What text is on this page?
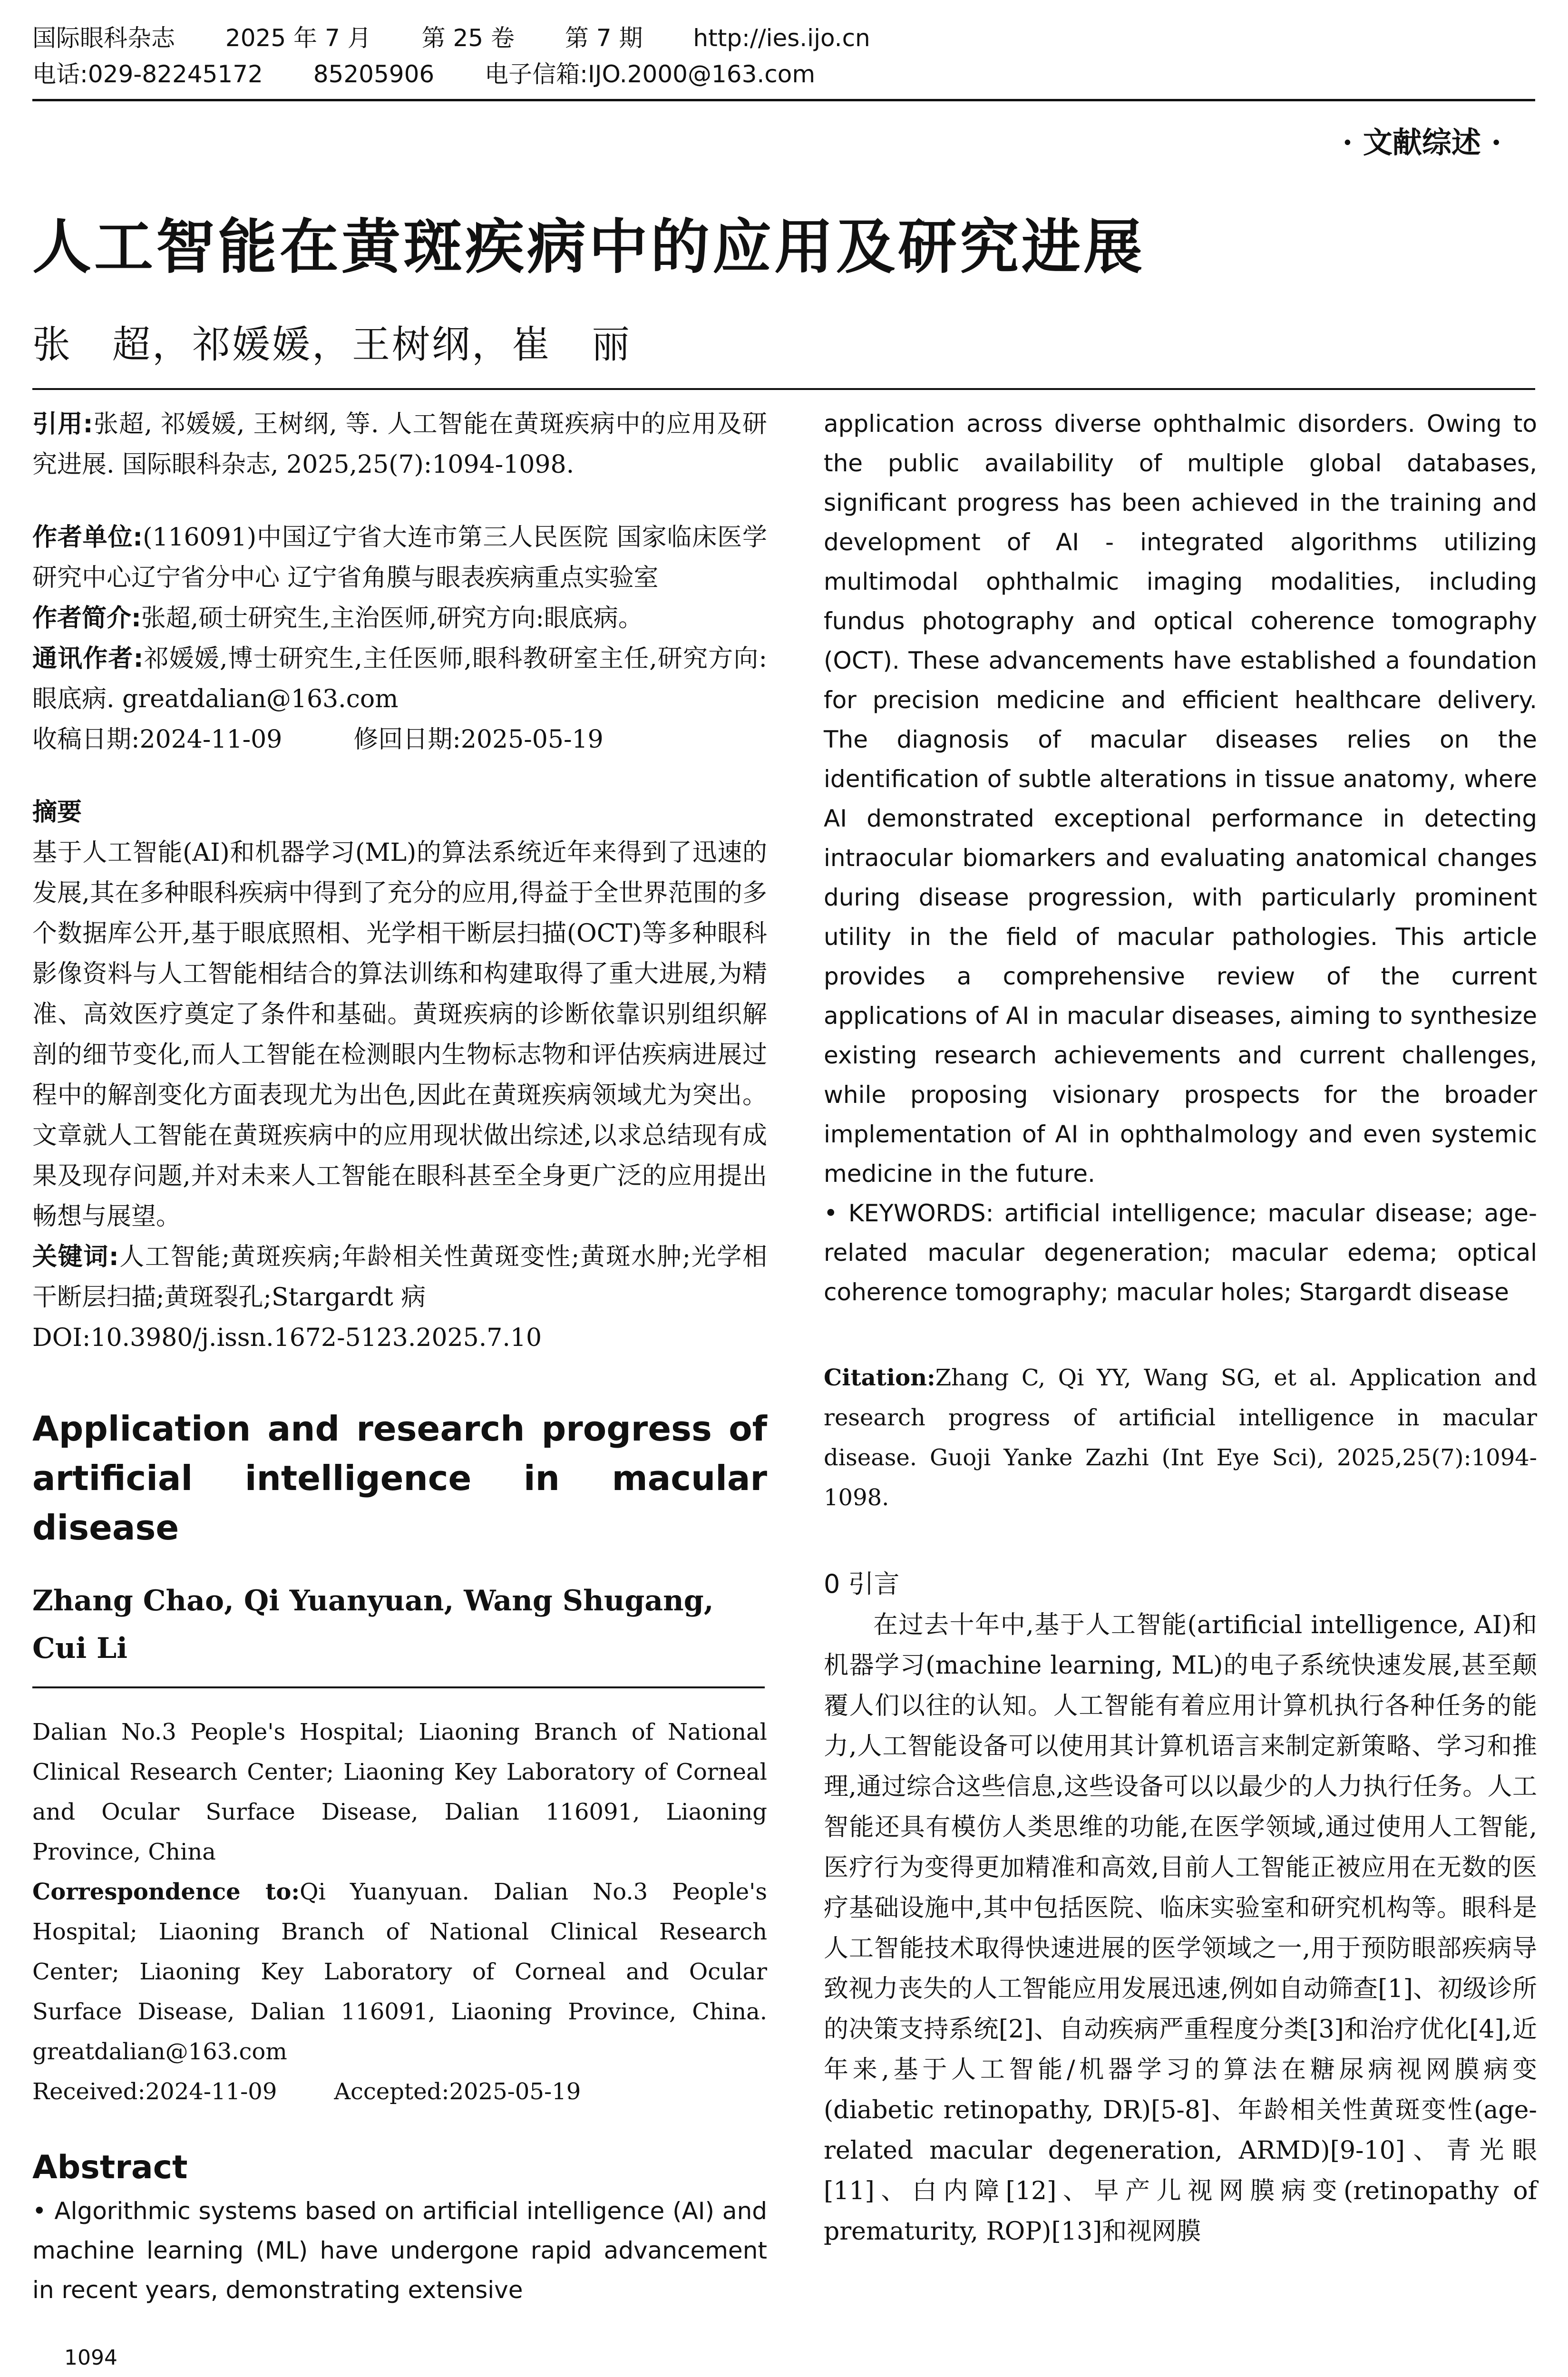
国际眼科杂志 2025 年 7 月 第 25 卷 第 7 期 http://ies.ijo.cn
电话:029-82245172 85205906 电子信箱:IJO.2000@163.com
· 文献综述 ·
人工智能在黄斑疾病中的应用及研究进展
张　超，祁媛媛，王树纲，崔　丽

引用:张超, 祁媛媛, 王树纲, 等. 人工智能在黄斑疾病中的应用及研究进展. 国际眼科杂志, 2025,25(7):1094-1098.

作者单位:(116091)中国辽宁省大连市第三人民医院 国家临床医学研究中心辽宁省分中心 辽宁省角膜与眼表疾病重点实验室

作者简介:张超,硕士研究生,主治医师,研究方向:眼底病。

通讯作者:祁媛媛,博士研究生,主任医师,眼科教研室主任,研究方向:眼底病. greatdalian@163.com

收稿日期:2024-11-09	修回日期:2025-05-19

摘要

基于人工智能(AI)和机器学习(ML)的算法系统近年来得到了迅速的发展,其在多种眼科疾病中得到了充分的应用,得益于全世界范围的多个数据库公开,基于眼底照相、光学相干断层扫描(OCT)等多种眼科影像资料与人工智能相结合的算法训练和构建取得了重大进展,为精准、高效医疗奠定了条件和基础。黄斑疾病的诊断依靠识别组织解剖的细节变化,而人工智能在检测眼内生物标志物和评估疾病进展过程中的解剖变化方面表现尤为出色,因此在黄斑疾病领域尤为突出。文章就人工智能在黄斑疾病中的应用现状做出综述,以求总结现有成果及现存问题,并对未来人工智能在眼科甚至全身更广泛的应用提出畅想与展望。

关键词:人工智能;黄斑疾病;年龄相关性黄斑变性;黄斑水肿;光学相干断层扫描;黄斑裂孔;Stargardt 病

DOI:10.3980/j.issn.1672-5123.2025.7.10

Application and research progress of artificial intelligence in macular disease

Zhang Chao, Qi Yuanyuan, Wang Shugang, Cui Li

Dalian No.3 People's Hospital; Liaoning Branch of National Clinical Research Center; Liaoning Key Laboratory of Corneal and Ocular Surface Disease, Dalian 116091, Liaoning Province, China

Correspondence to:Qi Yuanyuan. Dalian No.3 People's Hospital; Liaoning Branch of National Clinical Research Center; Liaoning Key Laboratory of Corneal and Ocular Surface Disease, Dalian 116091, Liaoning Province, China. greatdalian@163.com

Received:2024-11-09	Accepted:2025-05-19

Abstract

• Algorithmic systems based on artificial intelligence (AI) and machine learning (ML) have undergone rapid advancement in recent years, demonstrating extensive

application across diverse ophthalmic disorders. Owing to the public availability of multiple global databases, significant progress has been achieved in the training and development of AI - integrated algorithms utilizing multimodal ophthalmic imaging modalities, including fundus photography and optical coherence tomography (OCT). These advancements have established a foundation for precision medicine and efficient healthcare delivery. The diagnosis of macular diseases relies on the identification of subtle alterations in tissue anatomy, where AI demonstrated exceptional performance in detecting intraocular biomarkers and evaluating anatomical changes during disease progression, with particularly prominent utility in the field of macular pathologies. This article provides a comprehensive review of the current applications of AI in macular diseases, aiming to synthesize existing research achievements and current challenges, while proposing visionary prospects for the broader implementation of AI in ophthalmology and even systemic medicine in the future.

• KEYWORDS: artificial intelligence; macular disease; age-related macular degeneration; macular edema; optical coherence tomography; macular holes; Stargardt disease

Citation:Zhang C, Qi YY, Wang SG, et al. Application and research progress of artificial intelligence in macular disease. Guoji Yanke Zazhi (Int Eye Sci), 2025,25(7):1094-1098.

0 引言

在过去十年中,基于人工智能(artificial intelligence, AI)和机器学习(machine learning, ML)的电子系统快速发展,甚至颠覆人们以往的认知。人工智能有着应用计算机执行各种任务的能力,人工智能设备可以使用其计算机语言来制定新策略、学习和推理,通过综合这些信息,这些设备可以以最少的人力执行任务。人工智能还具有模仿人类思维的功能,在医学领域,通过使用人工智能,医疗行为变得更加精准和高效,目前人工智能正被应用在无数的医疗基础设施中,其中包括医院、临床实验室和研究机构等。眼科是人工智能技术取得快速进展的医学领域之一,用于预防眼部疾病导致视力丧失的人工智能应用发展迅速,例如自动筛查[1]、初级诊所的决策支持系统[2]、自动疾病严重程度分类[3]和治疗优化[4],近年来,基于人工智能/机器学习的算法在糖尿病视网膜病变(diabetic retinopathy, DR)[5-8]、年龄相关性黄斑变性(age-related macular degeneration, ARMD)[9-10]、青光眼[11]、白内障[12]、早产儿视网膜病变(retinopathy of prematurity, ROP)[13]和视网膜

1094
